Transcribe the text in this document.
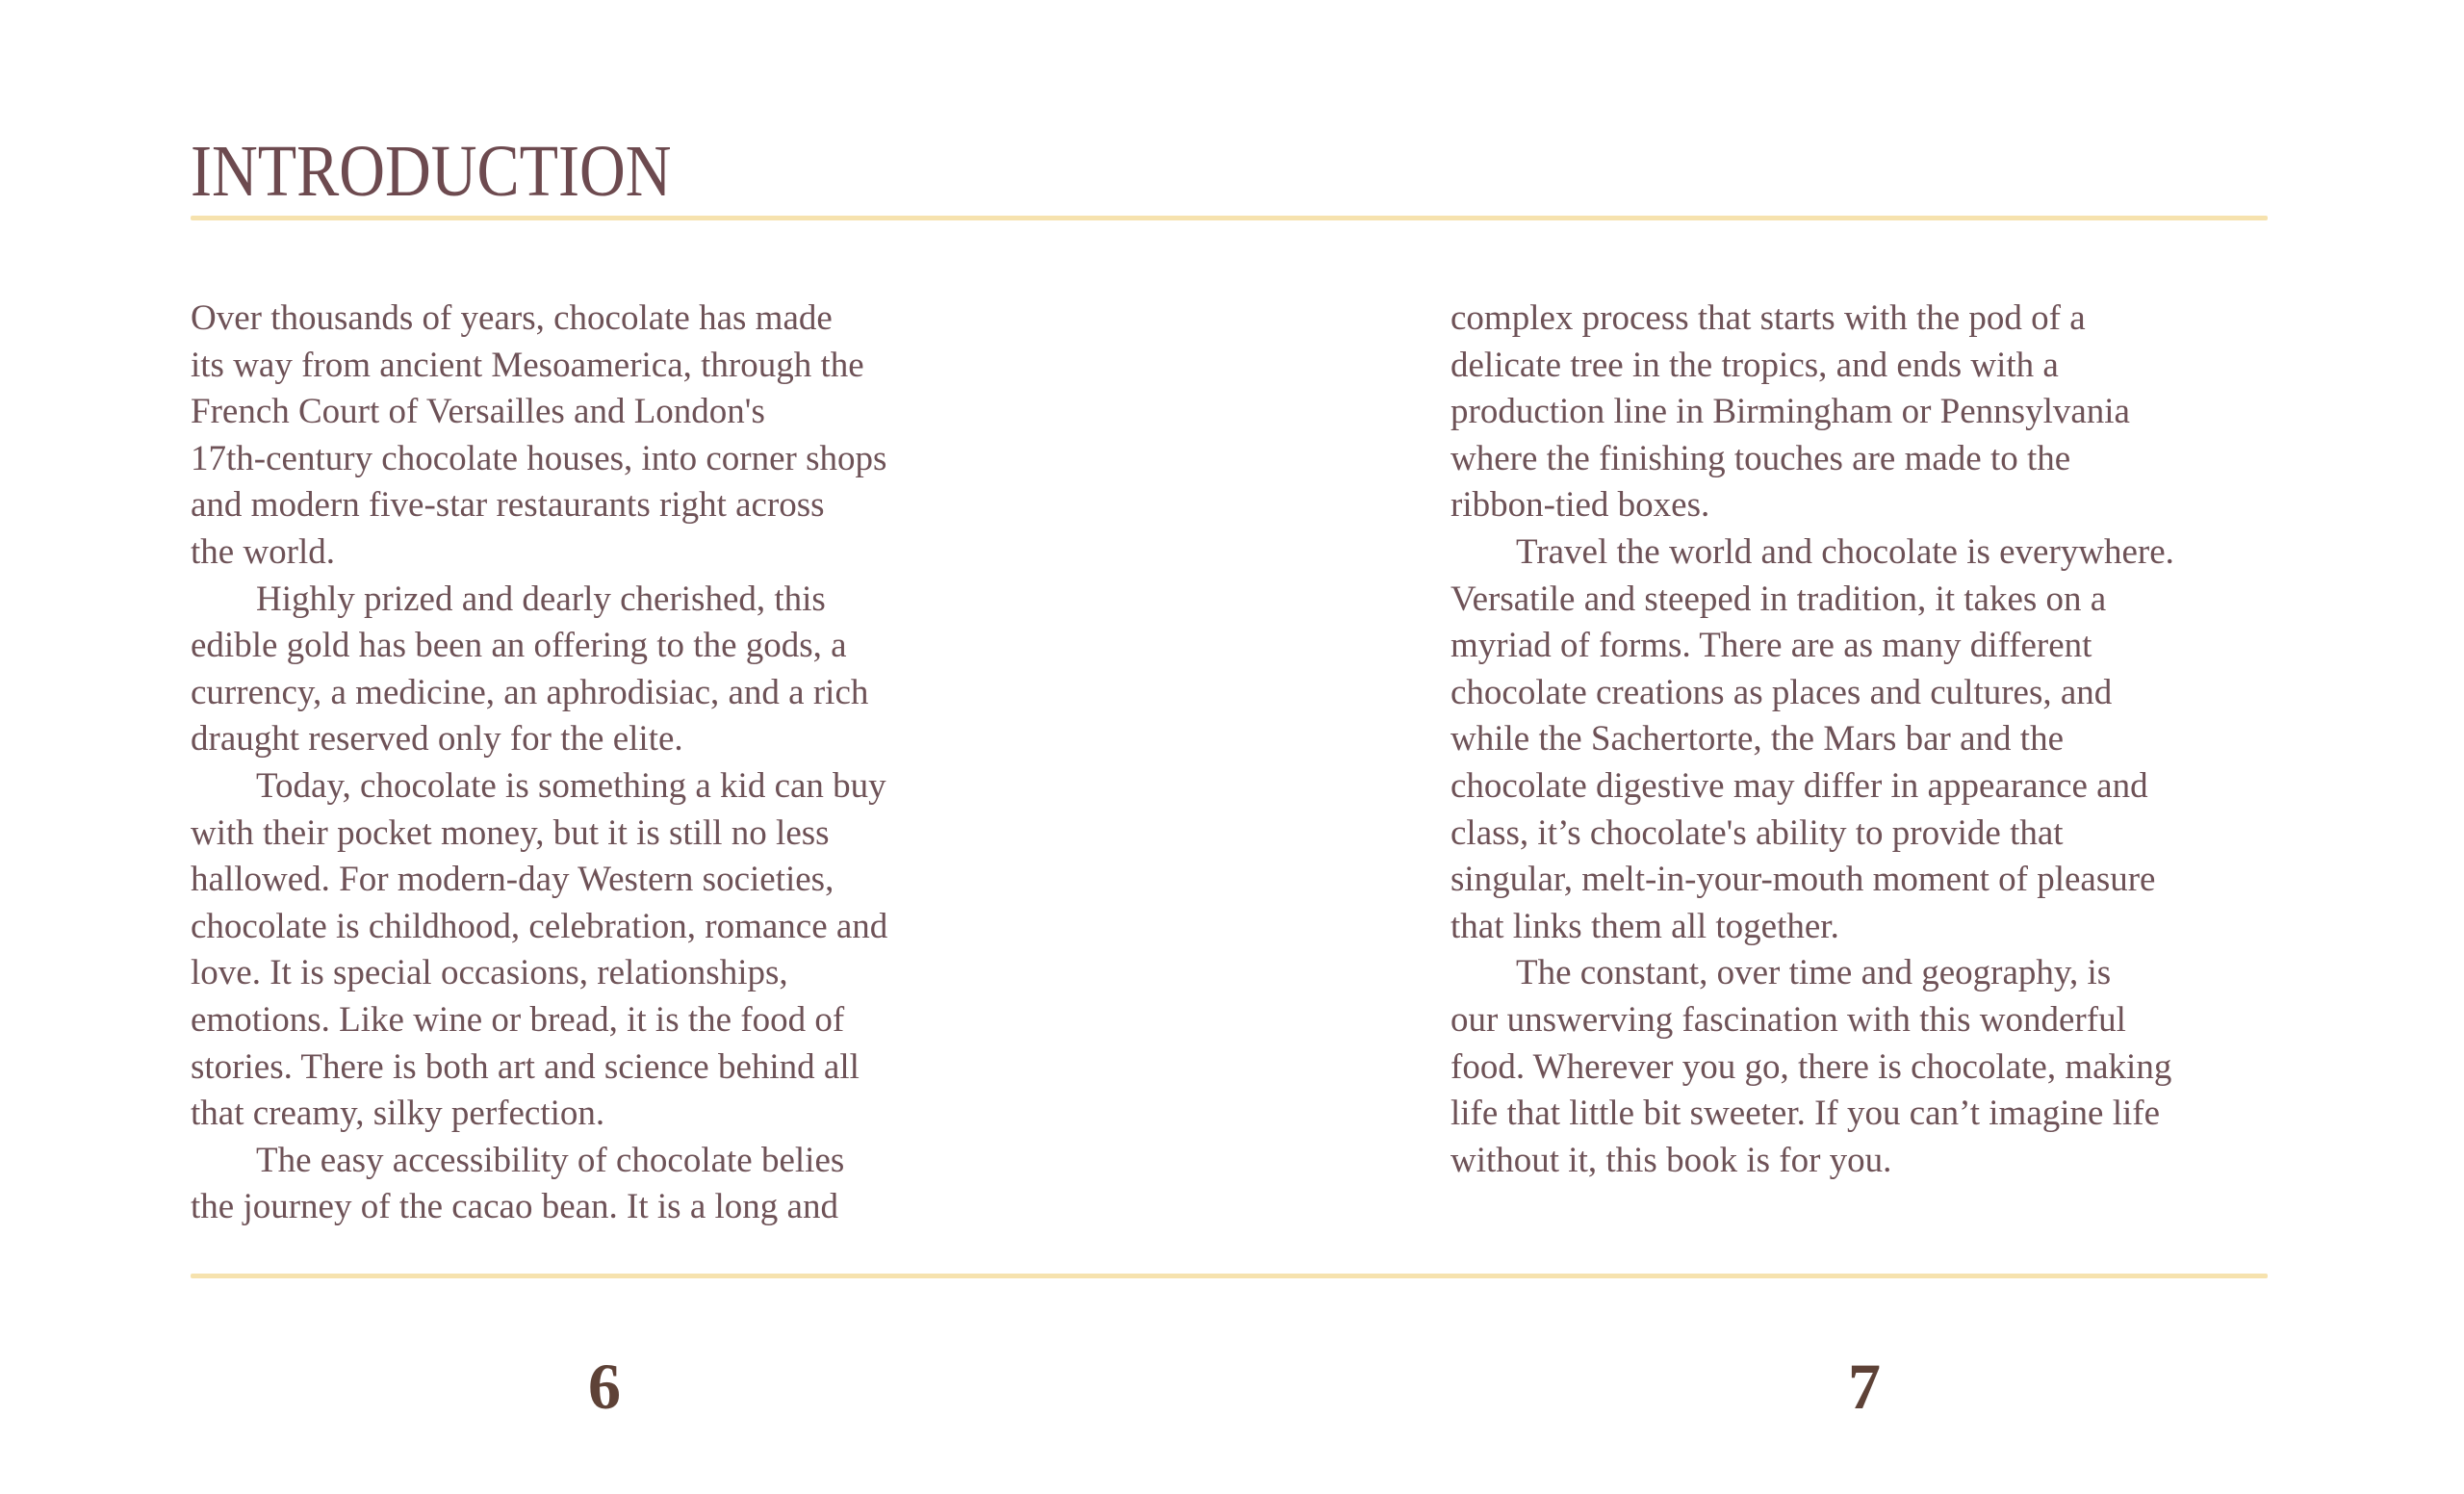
INTRODUCTION
Over thousands of years, chocolate has made
its way from ancient Mesoamerica, through the
French Court of Versailles and London's
17th-century chocolate houses, into corner shops
and modern five-star restaurants right across
the world.
Highly prized and dearly cherished, this
edible gold has been an offering to the gods, a
currency, a medicine, an aphrodisiac, and a rich
draught reserved only for the elite.
Today, chocolate is something a kid can buy
with their pocket money, but it is still no less
hallowed. For modern-day Western societies,
chocolate is childhood, celebration, romance and
love. It is special occasions, relationships,
emotions. Like wine or bread, it is the food of
stories. There is both art and science behind all
that creamy, silky perfection.
The easy accessibility of chocolate belies
the journey of the cacao bean. It is a long and
complex process that starts with the pod of a
delicate tree in the tropics, and ends with a
production line in Birmingham or Pennsylvania
where the finishing touches are made to the
ribbon-tied boxes.
Travel the world and chocolate is everywhere.
Versatile and steeped in tradition, it takes on a
myriad of forms. There are as many different
chocolate creations as places and cultures, and
while the Sachertorte, the Mars bar and the
chocolate digestive may differ in appearance and
class, it’s chocolate's ability to provide that
singular, melt-in-your-mouth moment of pleasure
that links them all together.
The constant, over time and geography, is
our unswerving fascination with this wonderful
food. Wherever you go, there is chocolate, making
life that little bit sweeter. If you can’t imagine life
without it, this book is for you.
6	7
